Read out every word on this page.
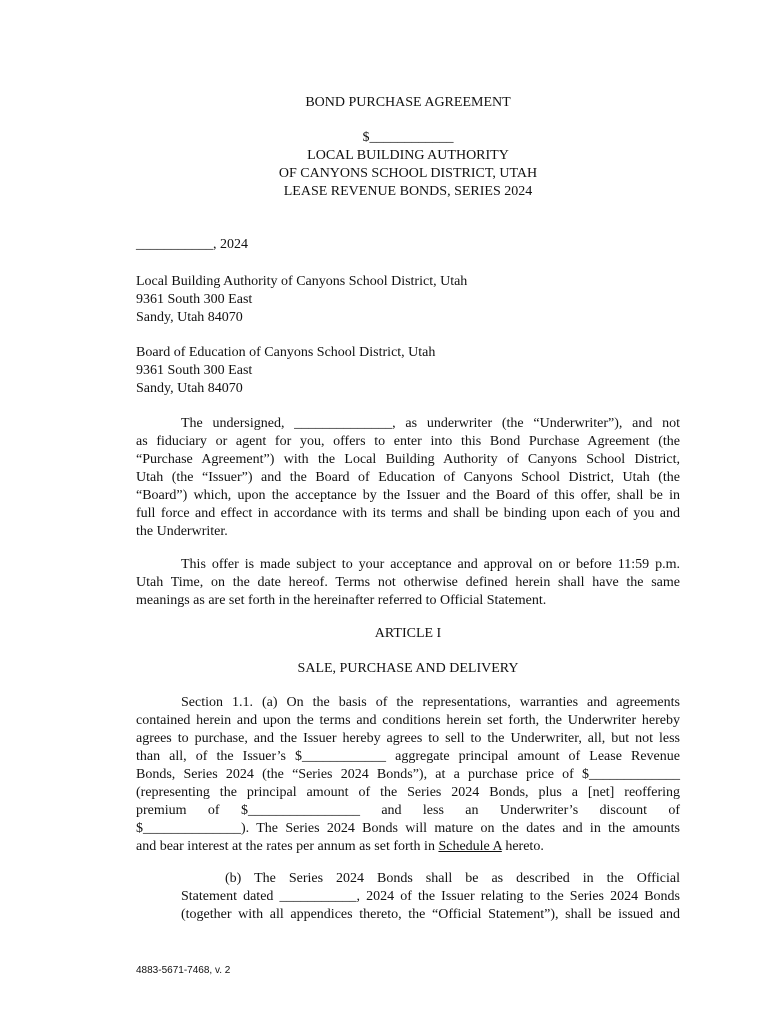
BOND PURCHASE AGREEMENT
$____________
LOCAL BUILDING AUTHORITY
OF CANYONS SCHOOL DISTRICT, UTAH
LEASE REVENUE BONDS, SERIES 2024
___________, 2024
Local Building Authority of Canyons School District, Utah
9361 South 300 East
Sandy, Utah 84070
Board of Education of Canyons School District, Utah
9361 South 300 East
Sandy, Utah 84070
The undersigned, ______________, as underwriter (the “Underwriter”), and not
as fiduciary or agent for you, offers to enter into this Bond Purchase Agreement (the
“Purchase Agreement”) with the Local Building Authority of Canyons School District,
Utah (the “Issuer”) and the Board of Education of Canyons School District, Utah (the
“Board”) which, upon the acceptance by the Issuer and the Board of this offer, shall be in
full force and effect in accordance with its terms and shall be binding upon each of you and
the Underwriter.
This offer is made subject to your acceptance and approval on or before 11:59 p.m.
Utah Time, on the date hereof. Terms not otherwise defined herein shall have the same
meanings as are set forth in the hereinafter referred to Official Statement.
ARTICLE I
SALE, PURCHASE AND DELIVERY
Section 1.1. (a) On the basis of the representations, warranties and agreements
contained herein and upon the terms and conditions herein set forth, the Underwriter hereby
agrees to purchase, and the Issuer hereby agrees to sell to the Underwriter, all, but not less
than all, of the Issuer’s $____________ aggregate principal amount of Lease Revenue
Bonds, Series 2024 (the “Series 2024 Bonds”), at a purchase price of $_____________
(representing the principal amount of the Series 2024 Bonds, plus a [net] reoffering
premium of $________________ and less an Underwriter’s discount of
$______________). The Series 2024 Bonds will mature on the dates and in the amounts
and bear interest at the rates per annum as set forth in Schedule A hereto.
(b) The Series 2024 Bonds shall be as described in the Official
Statement dated ___________, 2024 of the Issuer relating to the Series 2024 Bonds
(together with all appendices thereto, the “Official Statement”), shall be issued and
4883-5671-7468, v. 2
